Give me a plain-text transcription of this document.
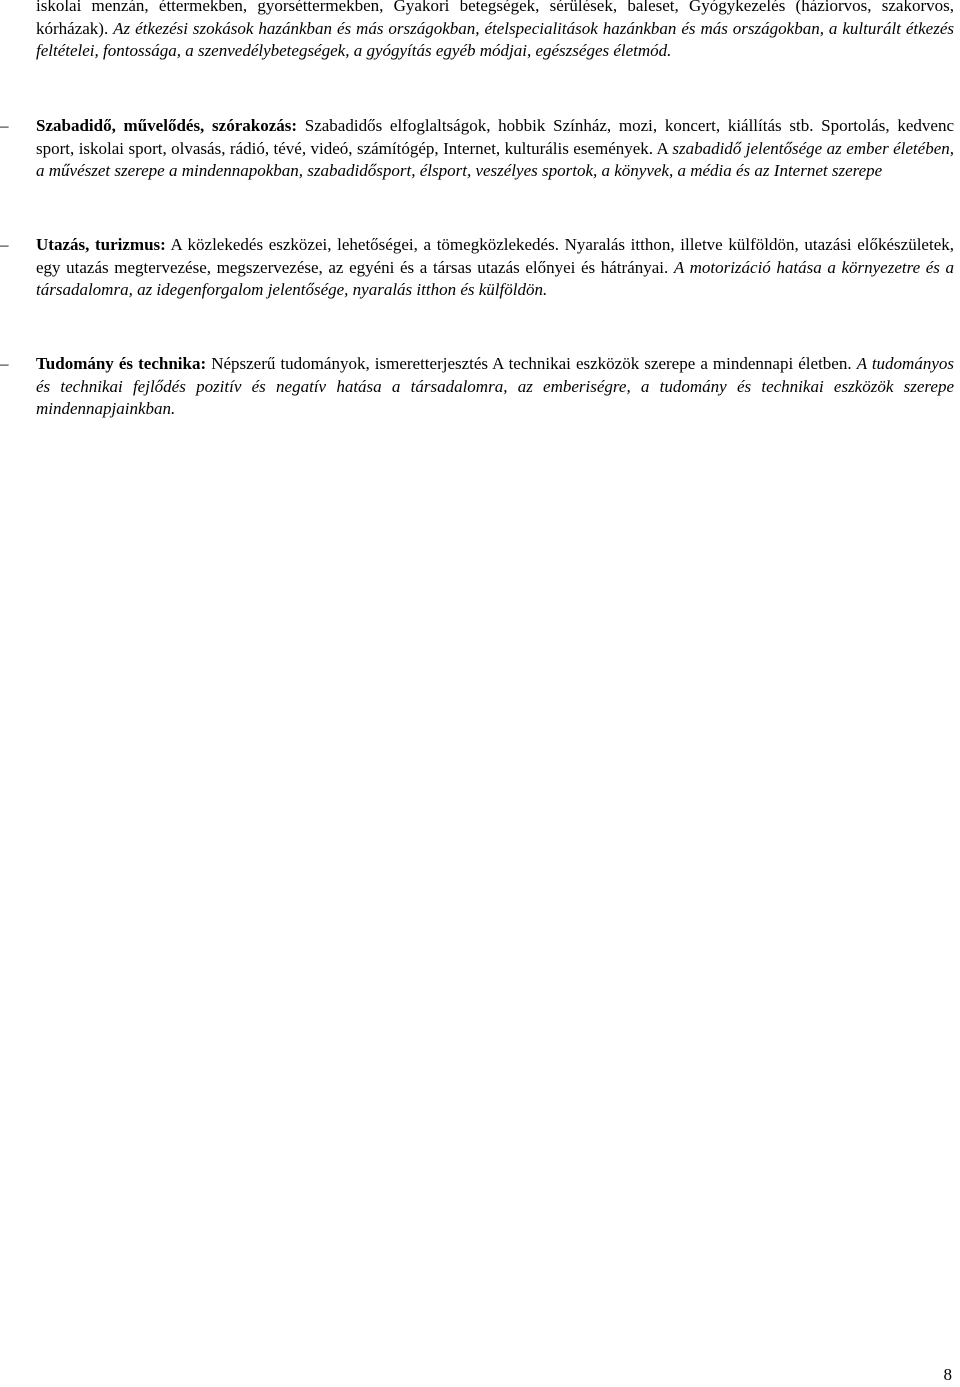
iskolai menzán, éttermekben, gyorséttermekben, Gyakori betegségek, sérülések, baleset, Gyógykezelés (háziorvos, szakorvos, kórházak). Az étkezési szokások hazánkban és más országokban, ételspecialitások hazánkban és más országokban, a kulturált étkezés feltételei, fontossága, a szenvedélybetegségek, a gyógyítás egyéb módjai, egészséges életmód.

–	Szabadidő, művelődés, szórakozás: Szabadidős elfoglaltságok, hobbik Színház, mozi, koncert, kiállítás stb. Sportolás, kedvenc sport, iskolai sport, olvasás, rádió, tévé, videó, számítógép, Internet, kulturális események. A szabadidő jelentősége az ember életében, a művészet szerepe a mindennapokban, szabadidősport, élsport, veszélyes sportok, a könyvek, a média és az Internet szerepe

–	Utazás, turizmus: A közlekedés eszközei, lehetőségei, a tömegközlekedés. Nyaralás itthon, illetve külföldön, utazási előkészületek, egy utazás megtervezése, megszervezése, az egyéni és a társas utazás előnyei és hátrányai. A motorizáció hatása a környezetre és a társadalomra, az idegenforgalom jelentősége, nyaralás itthon és külföldön.

–	Tudomány és technika: Népszerű tudományok, ismeretterjesztés A technikai eszközök szerepe a mindennapi életben. A tudományos és technikai fejlődés pozitív és negatív hatása a társadalomra, az emberiségre, a tudomány és technikai eszközök szerepe mindennapjainkban.

8
